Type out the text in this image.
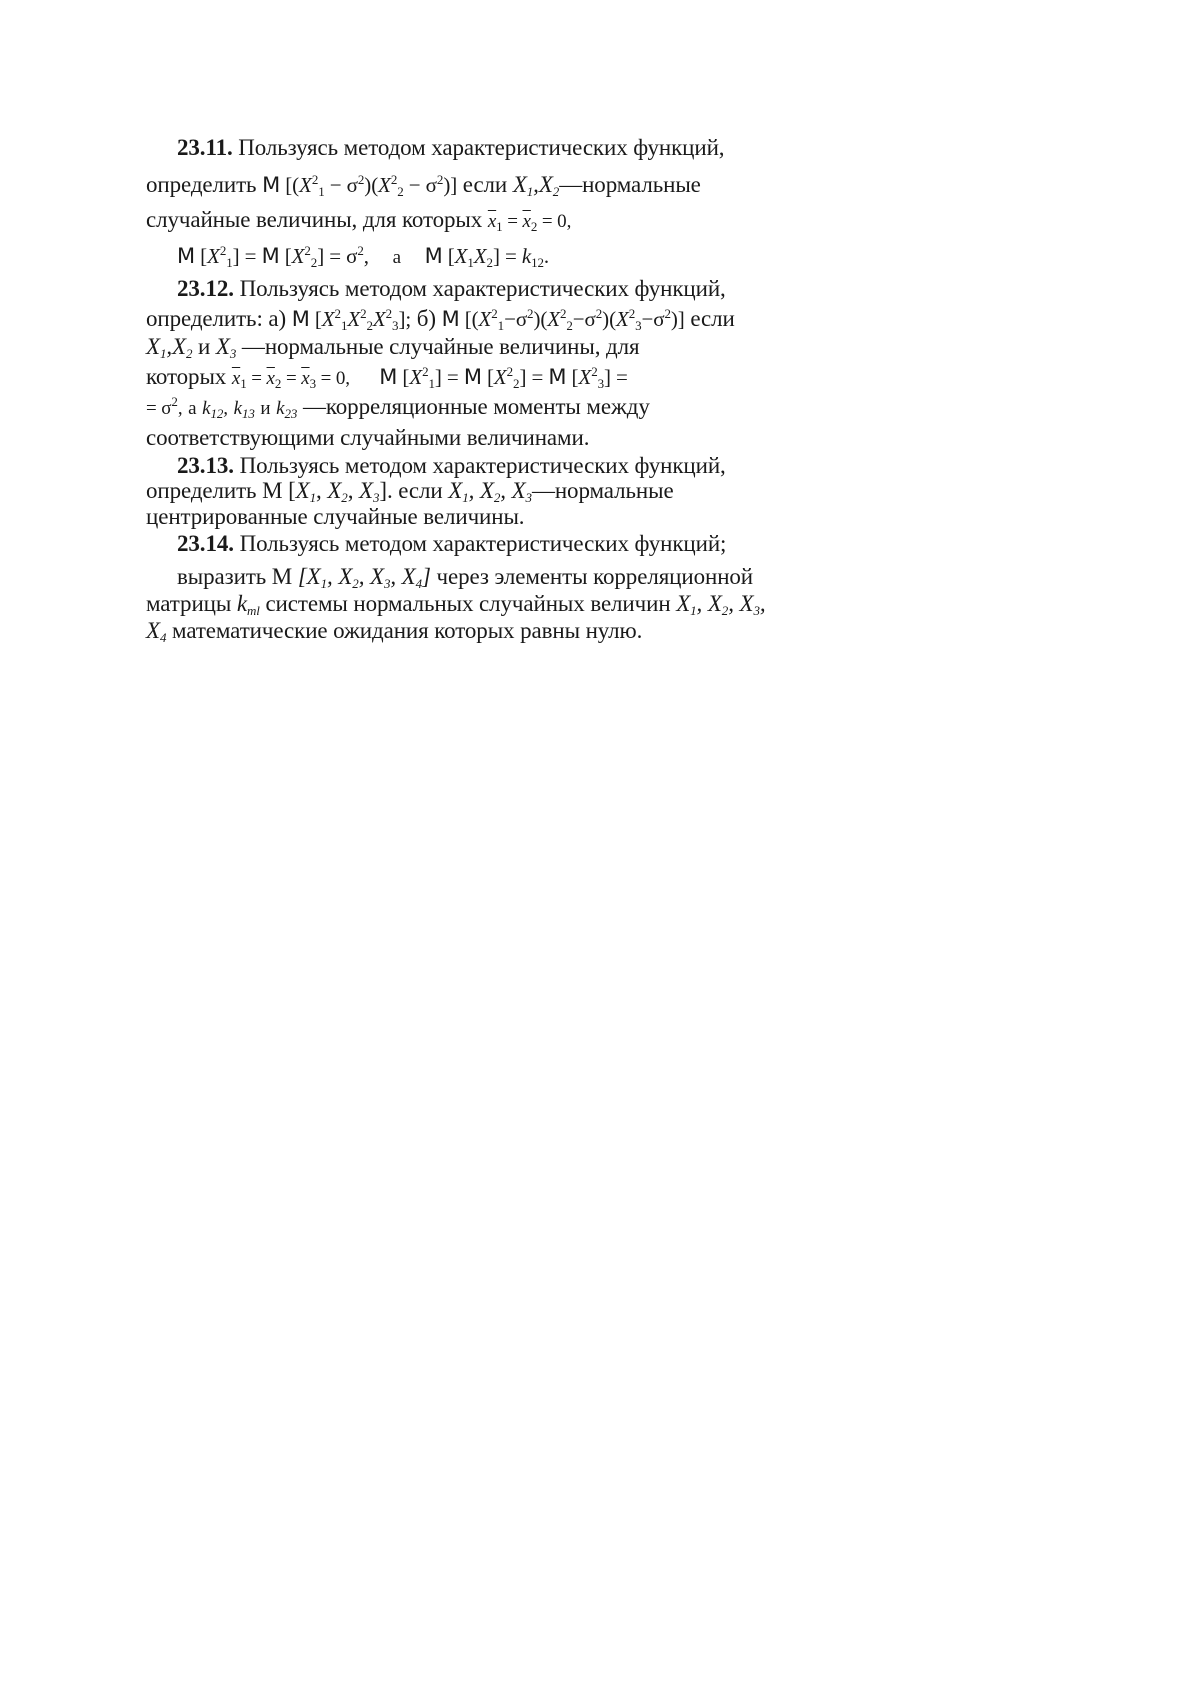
23.11. Пользуясь методом характеристических функций,
определить M $[(X^2_1 - \sigma^2)(X^2_2 - \sigma^2)]$ если $X_1,X_2—нормальные$
случайные величины, для которых $\overline{x}_1 = \overline{x}_2 = 0$,
M $[X^2_1] = M$ $[X^2_2] = \sigma^2$, а M $[X_1X_2] = k_{12}$.
23.12. Пользуясь методом характеристических функций,
определить: а) M $[X^2_1X^2_2X^2_3]$; б) M $[(X^2_1-\sigma^2)(X^2_2-\sigma^2)(X^2_3-\sigma^2)]$ если
$X_1,X_2$ и $X_3$ —нормальные случайные величины, для
которых $\overline{x}_1 = \overline{x}_2 = \overline{x}_3 = 0$, M $[X^2_1] = M$ $[X^2_2] = M$ $[X^2_3]$ =
= $\sigma^2$, а $k_{12}$, $k_{13}$ и $k_{23}$ —корреляционные моменты между
соответствующими случайными величинами.
23.13. Пользуясь методом характеристических функций,
определить М [$X_1$, $X_2$, $X_3$]. если $X_1$, $X_2$, $X_3—нормальные$
центрированные случайные величины.
23.14. Пользуясь методом характеристических функций;
выразить М [$X_1$, $X_2$, $X_3$, $X_4$] через элементы корреляционной
матрицы $k_{ml}$ системы нормальных случайных величин $X_1$, $X_2$, $X_3$,
$X_4$ математические ожидания которых равны нулю.
